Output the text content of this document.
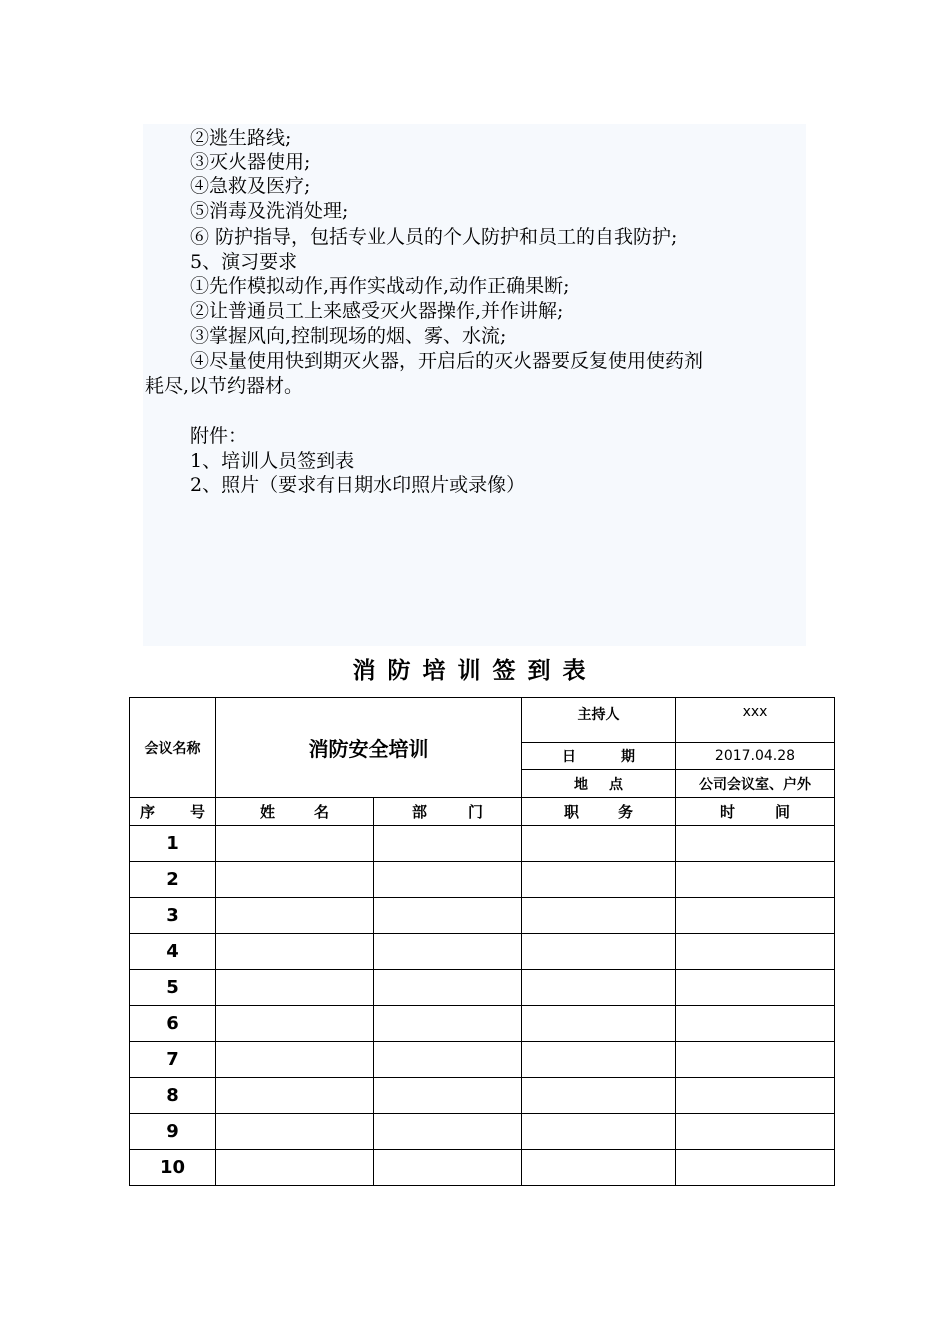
②逃生路线;
③灭火器使用;
④急救及医疗;
⑤消毒及洗消处理;
⑥ 防护指导，包括专业人员的个人防护和员工的自我防护;
5、演习要求
①先作模拟动作,再作实战动作,动作正确果断;
②让普通员工上来感受灭火器操作,并作讲解;
③掌握风向,控制现场的烟、雾、水流;
④尽量使用快到期灭火器，开启后的灭火器要反复使用使药剂
耗尽,以节约器材。
附件：
1、培训人员签到表
2、照片（要求有日期水印照片或录像）
消防培训签到表
会议名称	消防安全培训		主持人	xxx

			日 期	2017.04.28

			地 点	公司会议室、户外

序 号	姓 名	部 门	职 务	时 间

1				
2				
3				
4				
5				
6				
7				
8				
9				
10				
